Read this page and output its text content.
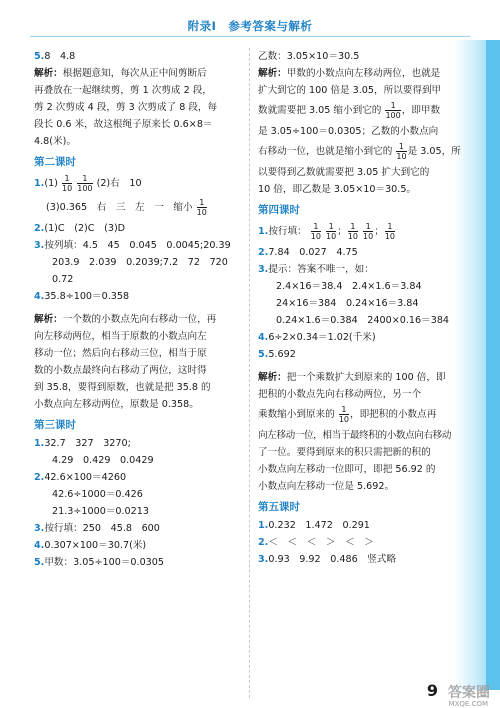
附录Ⅰ　参考答案与解析
5.8　4.8
解析：根据题意知，每次从正中间剪断后
再叠放在一起继续剪，剪 1 次剪成 2 段，
剪 2 次剪成 4 段，剪 3 次剪成了 8 段，每
段长 0.6 米，故这根绳子原来长 0.6×8＝
4.8(米)。
第二课时
$1.(1) \frac{1}{10}$
$\frac{1}{100} (2)$右　10
(3)0.365　右　三　左　一　缩小 $\frac{1}{10}$
2.(1)C　(2)C　(3)D
3.按列填：4.5　45　0.045　0.0045;20.39
203.9　2.039　0.2039;7.2　72　720
0.72
4.35.8÷100＝0.358
解析：一个数的小数点先向右移动一位，再
向左移动两位，相当于原数的小数点向左
移动一位；然后向右移动三位，相当于原
数的小数点最终向右移动了两位，这时得
到 35.8，要得到原数，也就是把 35.8 的
小数点向左移动两位，原数是 0.358。
第三课时
1.32.7　327　3270;
4.29　0.429　0.0429
2.42.6×100＝4260
42.6÷1000＝0.426
21.3÷1000＝0.0213
3.按行填：250　45.8　600
4.0.307×100＝30.7(米)
5.甲数：3.05÷100＝0.0305
乙数：3.05×10＝30.5
解析：甲数的小数点向左移动两位，也就是
扩大到它的 100 倍是 3.05，所以要得到甲
数就需要把 3.05 缩小到它的 $\frac{1}{100}$ ，即甲数
是 3.05÷100＝0.0305；乙数的小数点向
右移动一位，也就是缩小到它的 $\frac{1}{10}$ 是 3.05，所
以要得到乙数就需要把 3.05 扩大到它的
10 倍，即乙数是 3.05×10＝30.5。
第四课时
1.按行填： $\frac{1}{10}$
$\frac{1}{10}$ ； $\frac{1}{10}$
$\frac{1}{10}$ ； $\frac{1}{10}$
2.7.84　0.027　4.75
3.提示：答案不唯一，如：
2.4×16＝38.4　2.4×1.6＝3.84
24×16＝384　0.24×16＝3.84
0.24×1.6＝0.384　2400×0.16＝384
4.6÷2×0.34＝1.02(千米)
5.5.692
解析：把一个乘数扩大到原来的 100 倍，即
把积的小数点先向右移动两位，另一个
乘数缩小到原来的 $\frac{1}{10}$ ，即把积的小数点再
向左移动一位，相当于最终积的小数点向右移动
了一位。要得到原来的积只需把新的积的
小数点向左移动一位即可，即把 56.92 的
小数点向左移动一位是 5.692。
第五课时
1.0.232　1.472　0.291
2.＜　＜　＜　＞　＜　＞
3.0.93　9.92　0.486　竖式略
9 答案圈
MXQE.COM
